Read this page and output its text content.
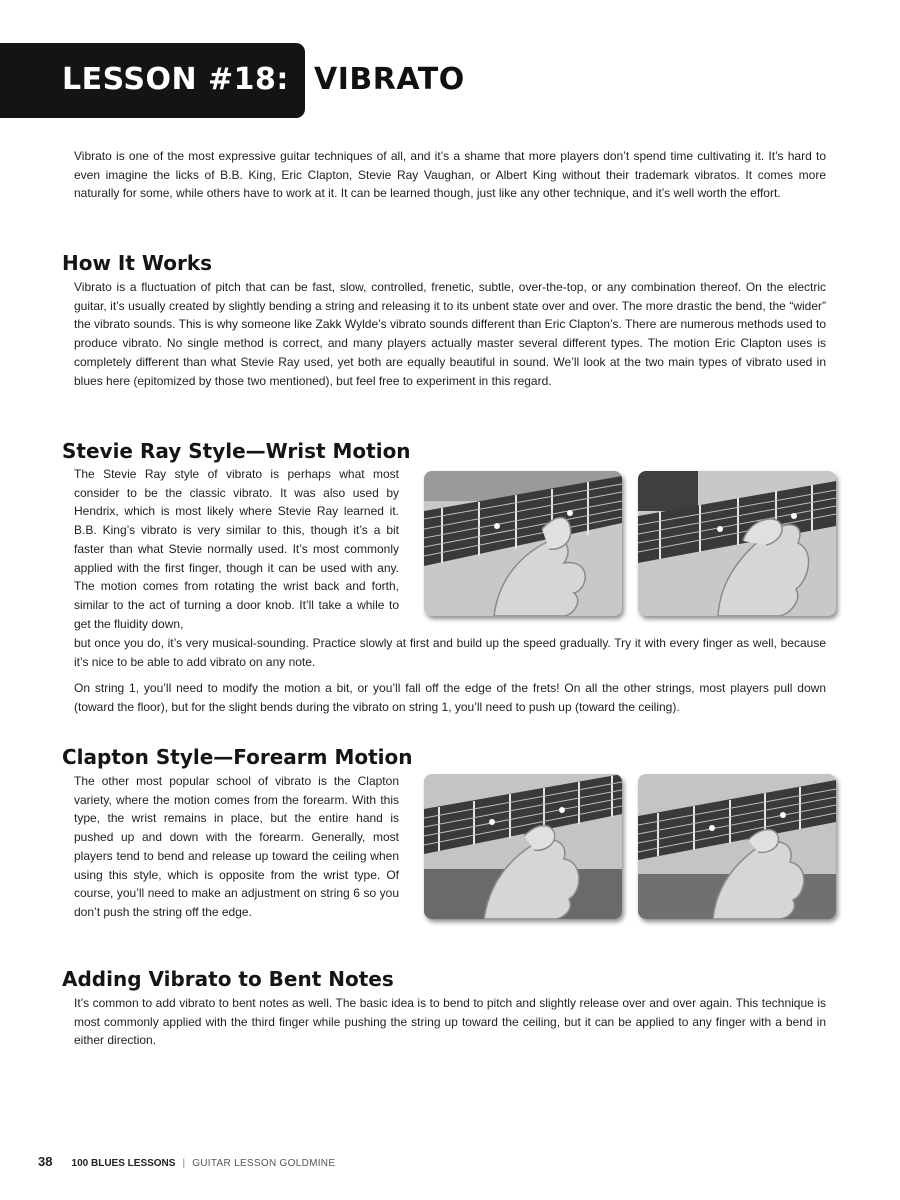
LESSON #18: VIBRATO

Vibrato is one of the most expressive guitar techniques of all, and it’s a shame that more players don’t spend time cultivating it. It’s hard to even imagine the licks of B.B. King, Eric Clapton, Stevie Ray Vaughan, or Albert King without their trademark vibratos. It comes more naturally for some, while others have to work at it. It can be learned though, just like any other technique, and it’s well worth the effort.

How It Works

Vibrato is a fluctuation of pitch that can be fast, slow, controlled, frenetic, subtle, over-the-top, or any combination thereof. On the electric guitar, it’s usually created by slightly bending a string and releasing it to its unbent state over and over. The more drastic the bend, the “wider” the vibrato sounds. This is why someone like Zakk Wylde’s vibrato sounds different than Eric Clapton’s. There are numerous methods used to produce vibrato. No single method is correct, and many players actually master several different types. The motion Eric Clapton uses is completely different than what Stevie Ray used, yet both are equally beautiful in sound. We’ll look at the two main types of vibrato used in blues here (epitomized by those two mentioned), but feel free to experiment in this regard.

Stevie Ray Style—Wrist Motion

The Stevie Ray style of vibrato is perhaps what most consider to be the classic vibrato. It was also used by Hendrix, which is most likely where Stevie Ray learned it. B.B. King’s vibrato is very similar to this, though it’s a bit faster than what Stevie normally used. It’s most commonly applied with the first finger, though it can be used with any. The motion comes from rotating the wrist back and forth, similar to the act of turning a door knob. It’ll take a while to get the fluidity down,

but once you do, it’s very musical-sounding. Practice slowly at first and build up the speed gradually. Try it with every finger as well, because it’s nice to be able to add vibrato on any note.

On string 1, you’ll need to modify the motion a bit, or you’ll fall off the edge of the frets! On all the other strings, most players pull down (toward the floor), but for the slight bends during the vibrato on string 1, you’ll need to push up (toward the ceiling).

Clapton Style—Forearm Motion

The other most popular school of vibrato is the Clapton variety, where the motion comes from the forearm. With this type, the wrist remains in place, but the entire hand is pushed up and down with the forearm. Generally, most players tend to bend and release up toward the ceiling when using this style, which is opposite from the wrist type. Of course, you’ll need to make an adjustment on string 6 so you don’t push the string off the edge.

Adding Vibrato to Bent Notes

It’s common to add vibrato to bent notes as well. The basic idea is to bend to pitch and slightly release over and over again. This technique is most commonly applied with the third finger while pushing the string up toward the ceiling, but it can be applied to any finger with a bend in either direction.

38 100 BLUES LESSONS | GUITAR LESSON GOLDMINE
